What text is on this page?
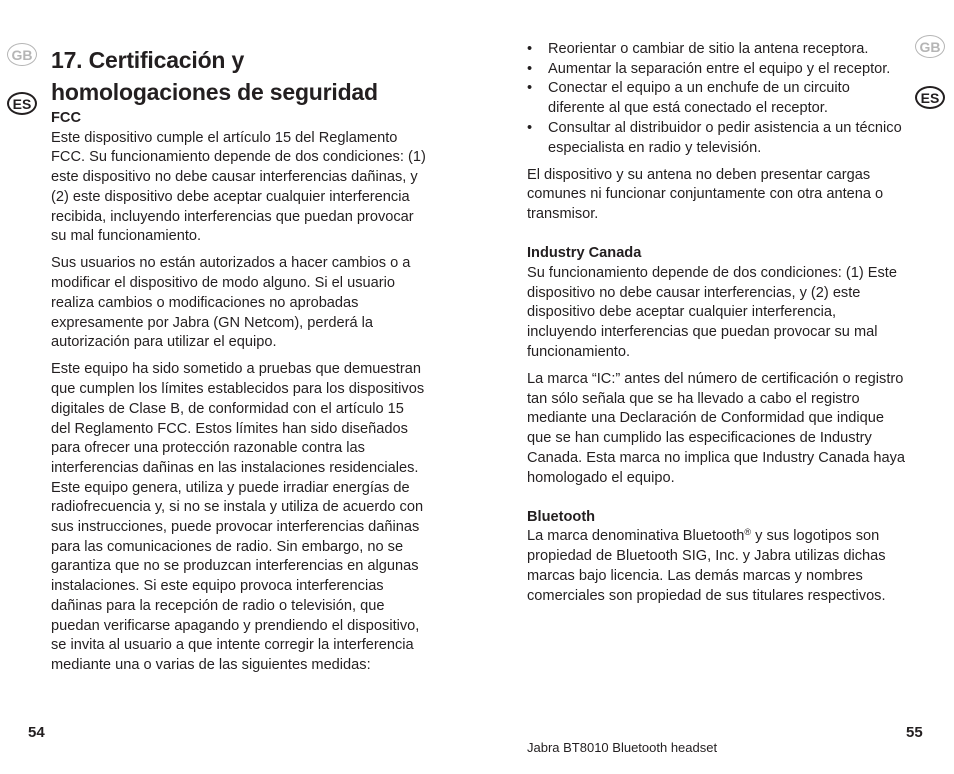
GB
ES
GB
ES
17. Certificación y
homologaciones de seguridad
FCC

Este dispositivo cumple el artículo 15 del Reglamento FCC. Su funcionamiento depende de dos condiciones: (1) este dispositivo no debe causar interferencias dañinas, y (2) este dispositivo debe aceptar cualquier interferencia recibida, incluyendo interferencias que puedan provocar su mal funcionamiento.

Sus usuarios no están autorizados a hacer cambios o a modificar el dispositivo de modo alguno. Si el usuario realiza cambios o modificaciones no aprobadas expresamente por Jabra (GN Netcom), perderá la autorización para utilizar el equipo.

Este equipo ha sido sometido a pruebas que demuestran que cumplen los límites establecidos para los dispositivos digitales de Clase B, de conformidad con el artículo 15 del Reglamento FCC. Estos límites han sido diseñados para ofrecer una protección razonable contra las interferencias dañinas en las instalaciones residenciales. Este equipo genera, utiliza y puede irradiar energías de radiofrecuencia y, si no se instala y utiliza de acuerdo con sus instrucciones, puede provocar interferencias dañinas para las comunicaciones de radio. Sin embargo, no se garantiza que no se produzcan interferencias en algunas instalaciones. Si este equipo provoca interferencias dañinas para la recepción de radio o televisión, que puedan verificarse apagando y prendiendo el dispositivo, se invita al usuario a que intente corregir la interferencia mediante una o varias de las siguientes medidas:

• Reorientar o cambiar de sitio la antena receptora.
• Aumentar la separación entre el equipo y el receptor.
• Conectar el equipo a un enchufe de un circuito diferente al que está conectado el receptor.
• Consultar al distribuidor o pedir asistencia a un técnico especialista en radio y televisión.

El dispositivo y su antena no deben presentar cargas comunes ni funcionar conjuntamente con otra antena o transmisor.

Industry Canada

Su funcionamiento depende de dos condiciones: (1) Este dispositivo no debe causar interferencias, y (2) este dispositivo debe aceptar cualquier interferencia, incluyendo interferencias que puedan provocar su mal funcionamiento.

La marca “IC:” antes del número de certificación o registro tan sólo señala que se ha llevado a cabo el registro mediante una Declaración de Conformidad que indique que se han cumplido las especificaciones de Industry Canada. Esta marca no implica que Industry Canada haya homologado el equipo.

Bluetooth

La marca denominativa Bluetooth® y sus logotipos son propiedad de Bluetooth SIG, Inc. y Jabra utilizas dichas marcas bajo licencia. Las demás marcas y nombres comerciales son propiedad de sus titulares respectivos.

54	55
Jabra BT8010 Bluetooth headset
